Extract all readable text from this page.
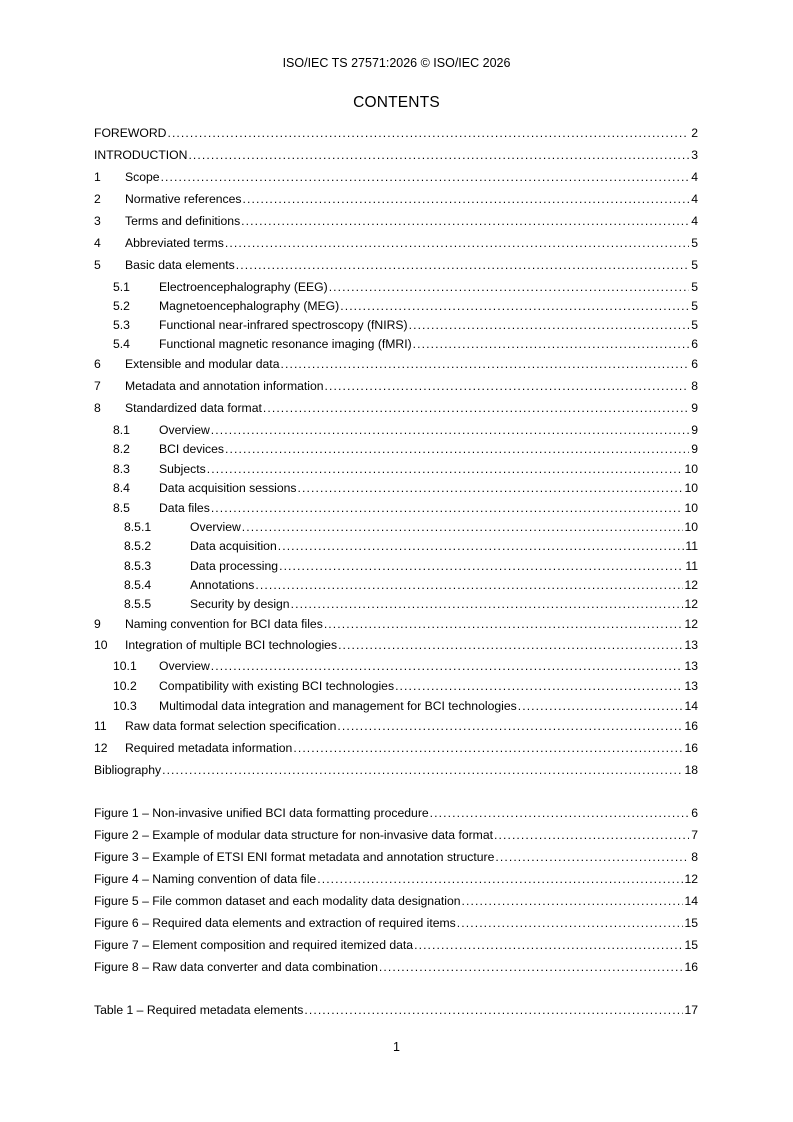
ISO/IEC TS 27571:2026 © ISO/IEC 2026
CONTENTS
FOREWORD .....	2
INTRODUCTION .....	3
1	Scope .....	4
2	Normative references .....	4
3	Terms and definitions .....	4
4	Abbreviated terms .....	5
5	Basic data elements .....	5
5.1	Electroencephalography (EEG) .....	5
5.2	Magnetoencephalography (MEG) .....	5
5.3	Functional near-infrared spectroscopy (fNIRS) .....	5
5.4	Functional magnetic resonance imaging (fMRI) .....	6
6	Extensible and modular data .....	6
7	Metadata and annotation information .....	8
8	Standardized data format .....	9
8.1	Overview .....	9
8.2	BCI devices .....	9
8.3	Subjects .....	10
8.4	Data acquisition sessions .....	10
8.5	Data files .....	10
8.5.1	Overview .....	10
8.5.2	Data acquisition .....	11
8.5.3	Data processing .....	11
8.5.4	Annotations .....	12
8.5.5	Security by design .....	12
9	Naming convention for BCI data files .....	12
10	Integration of multiple BCI technologies .....	13
10.1	Overview .....	13
10.2	Compatibility with existing BCI technologies .....	13
10.3	Multimodal data integration and management for BCI technologies .....	14
11	Raw data format selection specification .....	16
12	Required metadata information .....	16
Bibliography .....	18
Figure 1 – Non-invasive unified BCI data formatting procedure .....	6
Figure 2 – Example of modular data structure for non-invasive data format .....	7
Figure 3 – Example of ETSI ENI format metadata and annotation structure .....	8
Figure 4 – Naming convention of data file .....	12
Figure 5 – File common dataset and each modality data designation .....	14
Figure 6 – Required data elements and extraction of required items .....	15
Figure 7 – Element composition and required itemized data .....	15
Figure 8 – Raw data converter and data combination .....	16
Table 1 – Required metadata elements .....	17
1
